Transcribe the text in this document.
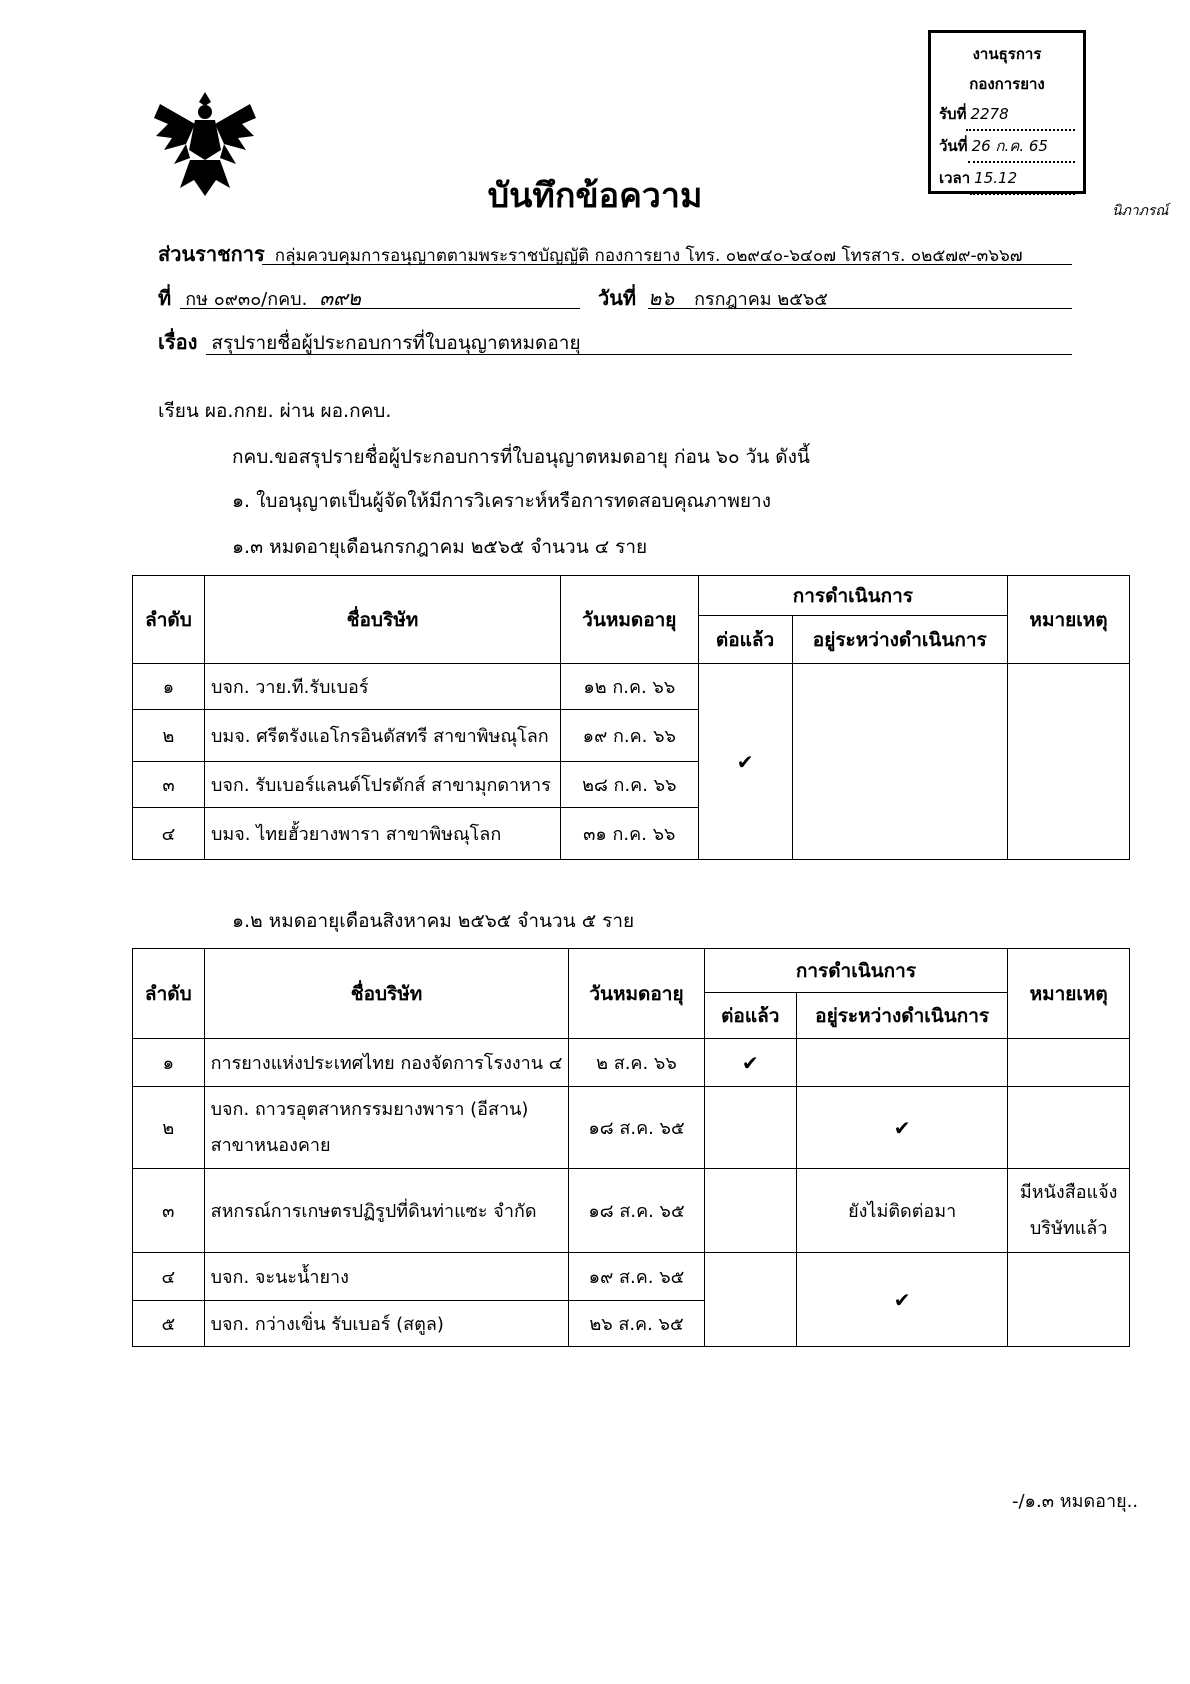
งานธุรการ
กองการยาง
รับที่ 2278
วันที่ 26 ก.ค. 65
เวลา 15.12
นิภาภรณ์
บันทึกข้อความ
ส่วนราชการ กลุ่มควบคุมการอนุญาตตามพระราชบัญญัติ กองการยาง โทร. ๐๒๙๔๐-๖๔๐๗ โทรสาร. ๐๒๕๗๙-๓๖๖๗
ที่ กษ ๐๙๓๐/กคบ. ๓๙๒	วันที่ ๒๖ กรกฎาคม ๒๕๖๕
เรื่อง สรุปรายชื่อผู้ประกอบการที่ใบอนุญาตหมดอายุ
เรียน ผอ.กกย. ผ่าน ผอ.กคบ.
กคบ.ขอสรุปรายชื่อผู้ประกอบการที่ใบอนุญาตหมดอายุ ก่อน ๖๐ วัน ดังนี้
๑. ใบอนุญาตเป็นผู้จัดให้มีการวิเคราะห์หรือการทดสอบคุณภาพยาง
๑.๓ หมดอายุเดือนกรกฎาคม ๒๕๖๕ จำนวน ๔ ราย
ลำดับ	ชื่อบริษัท	วันหมดอายุ	การดำเนินการ		หมายเหตุ
			ต่อแล้ว	อยู่ระหว่างดำเนินการ	
๑	บจก. วาย.ที.รับเบอร์	๑๒ ก.ค. ๖๖	✔		
๒	บมจ. ศรีตรังแอโกรอินดัสทรี สาขาพิษณุโลก	๑๙ ก.ค. ๖๖			
๓	บจก. รับเบอร์แลนด์โปรดักส์ สาขามุกดาหาร	๒๘ ก.ค. ๖๖			
๔	บมจ. ไทยฮั้วยางพารา สาขาพิษณุโลก	๓๑ ก.ค. ๖๖			
๑.๒ หมดอายุเดือนสิงหาคม ๒๕๖๕ จำนวน ๕ ราย
ลำดับ	ชื่อบริษัท	วันหมดอายุ	การดำเนินการ		หมายเหตุ
			ต่อแล้ว	อยู่ระหว่างดำเนินการ	
๑	การยางแห่งประเทศไทย กองจัดการโรงงาน ๔	๒ ส.ค. ๖๖	✔		
๒	บจก. ถาวรอุตสาหกรรมยางพารา (อีสาน)
สาขาหนองคาย	๑๘ ส.ค. ๖๕		✔	
๓	สหกรณ์การเกษตรปฏิรูปที่ดินท่าแซะ จำกัด	๑๘ ส.ค. ๖๕		ยังไม่ติดต่อมา	มีหนังสือแจ้ง
บริษัทแล้ว

๔	บจก. จะนะน้ำยาง	๑๙ ส.ค. ๖๕		✔	
๕	บจก. กว่างเขิ่น รับเบอร์ (สตูล)	๒๖ ส.ค. ๖๕			
-/๑.๓ หมดอายุ..
